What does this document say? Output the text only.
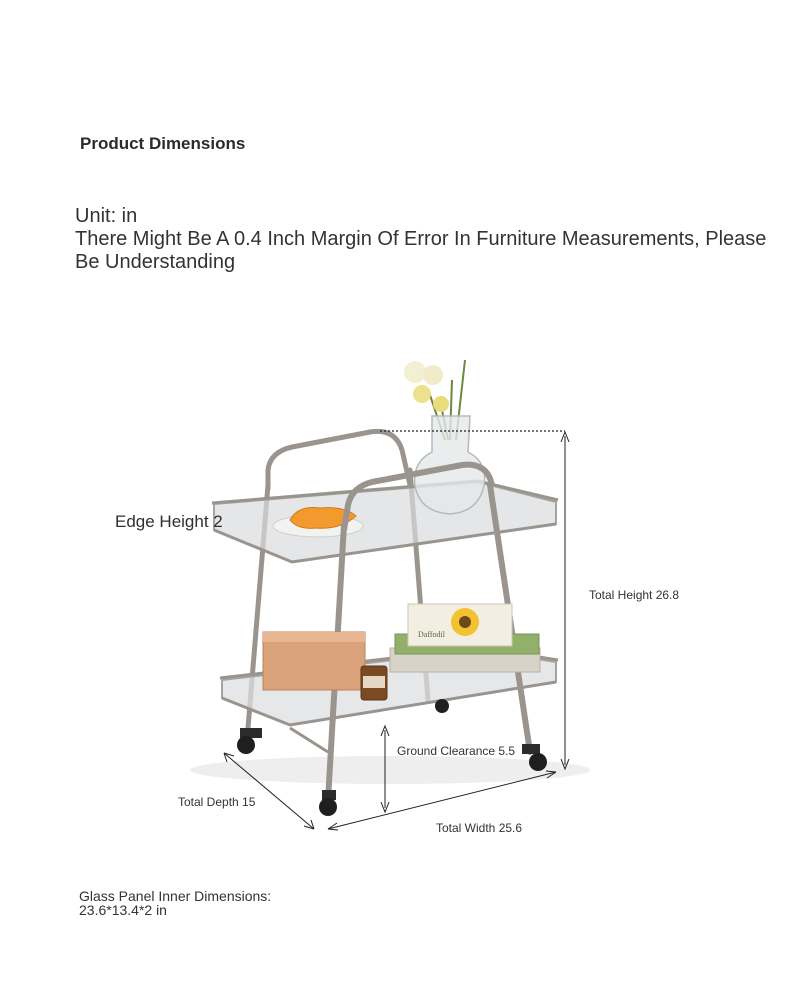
Product Dimensions
Unit: in
There Might Be A 0.4 Inch Margin Of Error In Furniture Measurements, Please Be Understanding
Daffodil
Edge Height 2
Total Height 26.8
Ground Clearance 5.5
Total Depth 15
Total Width 25.6
Glass Panel Inner Dimensions:
23.6*13.4*2 in
